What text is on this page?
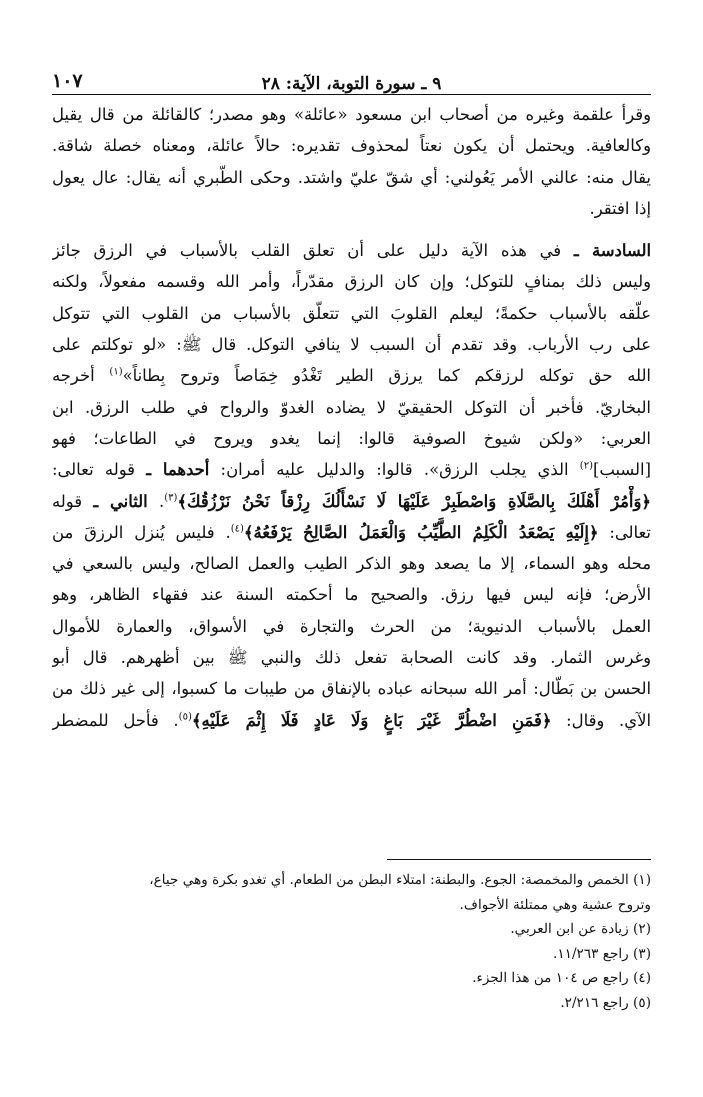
٩ ـ سورة التوبة، الآية: ٢٨
١٠٧
وقرأ علقمة وغيره من أصحاب ابن مسعود «عائلة» وهو مصدر؛ كالقائلة من قال يقيل
وكالعافية. ويحتمل أن يكون نعتاً لمحذوف تقديره: حالاً عائلة، ومعناه خصلة شاقة.
يقال منه: عالني الأمر يَعُولني: أي شقّ عليّ واشتد. وحكى الطّبري أنه يقال: عال يعول
إذا افتقر.
السادسة ـ في هذه الآية دليل على أن تعلق القلب بالأسباب في الرزق جائز
وليس ذلك بمنافٍ للتوكل؛ وإن كان الرزق مقدّراً، وأمر الله وقسمه مفعولاً، ولكنه
علّقه بالأسباب حكمةً؛ ليعلم القلوبَ التي تتعلّق بالأسباب من القلوب التي تتوكل
على رب الأرباب. وقد تقدم أن السبب لا ينافي التوكل. قال ﷺ: «لو توكلتم على
الله حق توكله لرزقكم كما يرزق الطير تَغْدُو خِمَاصاً وتروح بِطاناً»$^{(١)}$ أخرجه
البخاريّ. فأخبر أن التوكل الحقيقيّ لا يضاده الغدوّ والرواح في طلب الرزق. ابن
العربي: «ولكن شيوخ الصوفية قالوا: إنما يغدو ويروح في الطاعات؛ فهو
[السبب]$^{(٢)}$ الذي يجلب الرزق». قالوا: والدليل عليه أمران: أحدهما ـ قوله تعالى:
﴿وَأْمُرْ أَهْلَكَ بِالصَّلَاةِ وَاصْطَبِرْ عَلَيْهَا لَا نَسْأَلُكَ رِزْقاً نَحْنُ نَرْزُقُكَ﴾$^{(٣)}$. الثاني ـ قوله
تعالى: ﴿إِلَيْهِ يَصْعَدُ الْكَلِمُ الطَّيِّبُ وَالْعَمَلُ الصَّالِحُ يَرْفَعُهُ﴾$^{(٤)}$. فليس يُنزل الرزقَ من
محله وهو السماء، إلا ما يصعد وهو الذكر الطيب والعمل الصالح، وليس بالسعي في
الأرض؛ فإنه ليس فيها رزق. والصحيح ما أحكمته السنة عند فقهاء الظاهر، وهو
العمل بالأسباب الدنيوية؛ من الحرث والتجارة في الأسواق، والعمارة للأموال
وغرس الثمار. وقد كانت الصحابة تفعل ذلك والنبي ﷺ بين أظهرهم. قال أبو
الحسن بن بَطّال: أمر الله سبحانه عباده بالإنفاق من طيبات ما كسبوا، إلى غير ذلك من
الآي. وقال: ﴿فَمَنِ اضْطُرَّ غَيْرَ بَاغٍ وَلَا عَادٍ فَلَا إِثْمَ عَلَيْهِ﴾$^{(٥)}$. فأحل للمضطر
(١) الخمص والمخمصة: الجوع. والبطنة: امتلاء البطن من الطعام. أي تغدو بكرة وهي جياع،
وتروح عشية وهي ممتلئة الأجواف.
(٢) زيادة عن ابن العربي.
(٣) راجع ١١/٢٦٣.
(٤) راجع ص ١٠٤ من هذا الجزء.
(٥) راجع ٢/٢١٦.
